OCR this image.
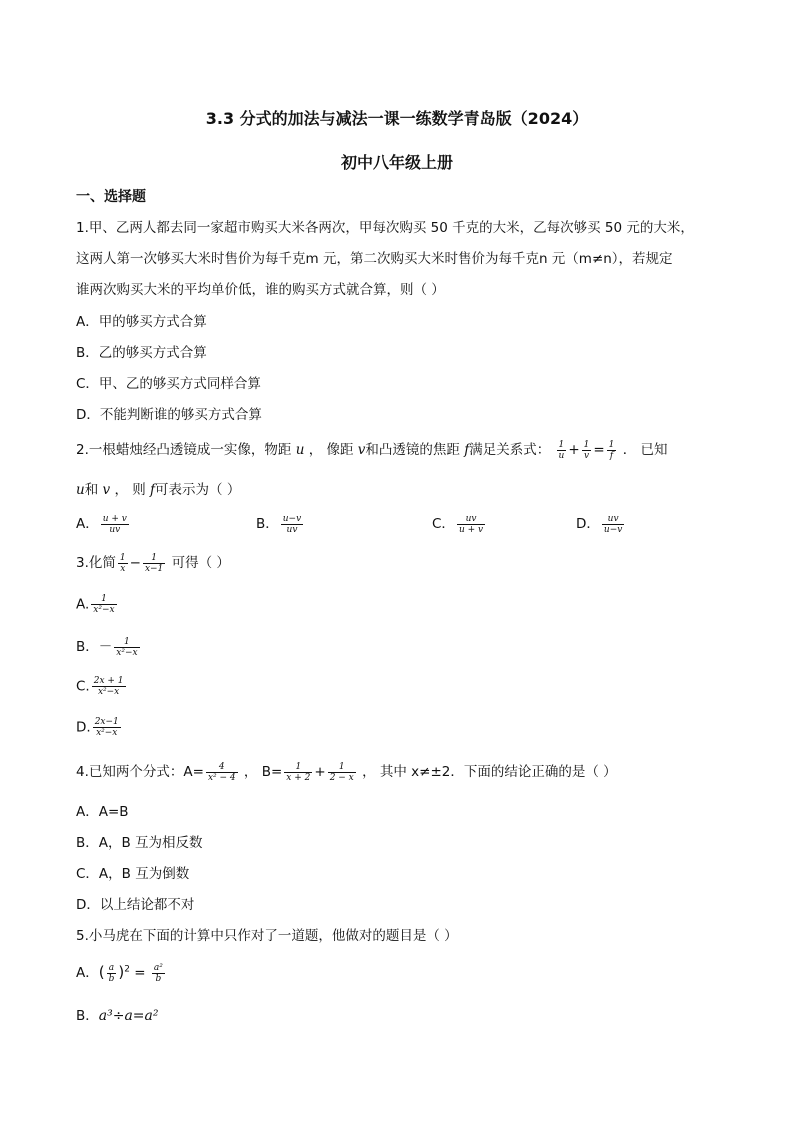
3.3 分式的加法与减法一课一练数学青岛版（2024）
初中八年级上册
一、选择题
1.甲、乙两人都去同一家超市购买大米各两次，甲每次购买 50 千克的大米，乙每次够买 50 元的大米，
这两人第一次够买大米时售价为每千克m 元，第二次购买大米时售价为每千克n 元（m≠n），若规定
谁两次购买大米的平均单价低，谁的购买方式就合算，则（ ）
A．甲的够买方式合算
B．乙的够买方式合算
C．甲、乙的够买方式同样合算
D．不能判断谁的够买方式合算
2.一根蜡烛经凸透镜成一实像，物距 u ， 像距 v和凸透镜的焦距 f满足关系式： $\frac{1}{u} + \frac{1}{v} = \frac{1}{f}$ ． 已知
u和 v ， 则 f可表示为（ ）
A． $\frac{u + v}{uv}$	B． $\frac{u-v}{uv}$	C． $\frac{uv}{u + v}$	D． $\frac{uv}{u-v}$
3.化简 $\frac{1}{x} - \frac{1}{x-1}$ 可得（ ）
A. $\frac{1}{\text{x²−x}}$
B．－ $\frac{1}{\text{x²−x}}$
C. $\frac{2x + 1}{\text{x²−x}}$
D. $\frac{2x-1}{\text{x²−x}}$
4.已知两个分式：$A= \frac{4}{\text{x² − 4}}$ ， $B= \frac{1}{x + 2} + \frac{1}{2 - x}$ ， 其中 x≠±2．下面的结论正确的是（ ）
A．A=B
B．A，B 互为相反数
C．A，B 互为倒数
D．以上结论都不对
5.小马虎在下面的计算中只作对了一道题，他做对的题目是（ ）
A．( $\frac{a}{b} )^2 = \frac{\text{a²}}{b}$
B．a³÷a=a²
